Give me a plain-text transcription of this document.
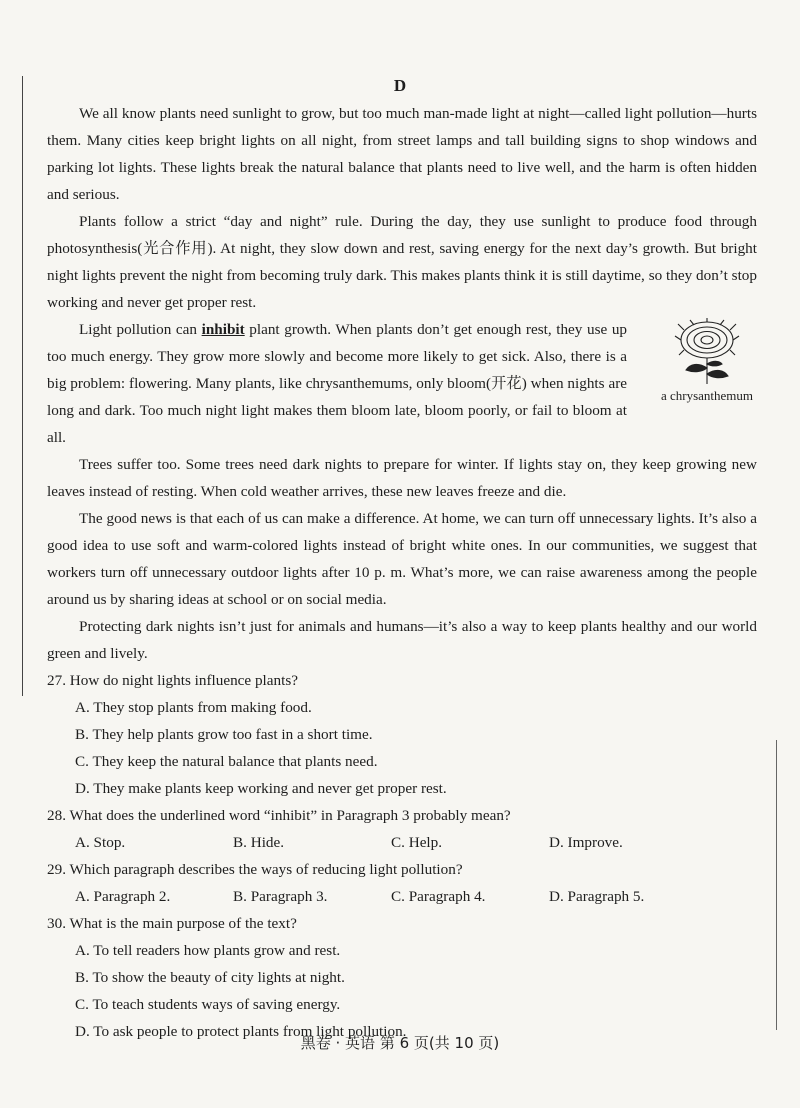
D

We all know plants need sunlight to grow, but too much man-made light at night—called light pollution—hurts them. Many cities keep bright lights on all night, from street lamps and tall building signs to shop windows and parking lot lights. These lights break the natural balance that plants need to live well, and the harm is often hidden and serious.

Plants follow a strict “day and night” rule. During the day, they use sunlight to produce food through photosynthesis(光合作用). At night, they slow down and rest, saving energy for the next day’s growth. But bright night lights prevent the night from becoming truly dark. This makes plants think it is still daytime, so they don’t stop working and never get proper rest.

a chrysanthemum

Light pollution can inhibit plant growth. When plants don’t get enough rest, they use up too much energy. They grow more slowly and become more likely to get sick. Also, there is a big problem: flowering. Many plants, like chrysanthemums, only bloom(开花) when nights are long and dark. Too much night light makes them bloom late, bloom poorly, or fail to bloom at all.

Trees suffer too. Some trees need dark nights to prepare for winter. If lights stay on, they keep growing new leaves instead of resting. When cold weather arrives, these new leaves freeze and die.

The good news is that each of us can make a difference. At home, we can turn off unnecessary lights. It’s also a good idea to use soft and warm-colored lights instead of bright white ones. In our communities, we suggest that workers turn off unnecessary outdoor lights after 10 p. m. What’s more, we can raise awareness among the people around us by sharing ideas at school or on social media.

Protecting dark nights isn’t just for animals and humans—it’s also a way to keep plants healthy and our world green and lively.

27. How do night lights influence plants?
A. They stop plants from making food.
B. They help plants grow too fast in a short time.
C. They keep the natural balance that plants need.
D. They make plants keep working and never get proper rest.
28. What does the underlined word “inhibit” in Paragraph 3 probably mean?
A. Stop.	B. Hide.	C. Help.	D. Improve.
29. Which paragraph describes the ways of reducing light pollution?
A. Paragraph 2.	B. Paragraph 3.	C. Paragraph 4.	D. Paragraph 5.
30. What is the main purpose of the text?
A. To tell readers how plants grow and rest.
B. To show the beauty of city lights at night.
C. To teach students ways of saving energy.
D. To ask people to protect plants from light pollution.
黑卷 · 英语 第 6 页(共 10 页)
